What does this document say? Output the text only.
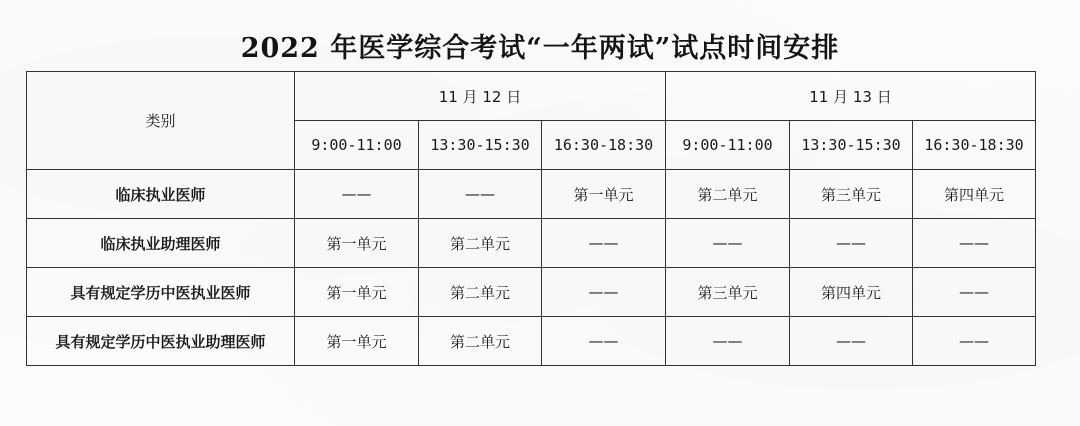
2022 年医学综合考试“一年两试”试点时间安排
类别	11 月 12 日			11 月 13 日		
	9:00-11:00	13:30-15:30	16:30-18:30	9:00-11:00	13:30-15:30	16:30-18:30
临床执业医师	——	——	第一单元	第二单元	第三单元	第四单元
临床执业助理医师	第一单元	第二单元	——	——	——	——
具有规定学历中医执业医师	第一单元	第二单元	——	第三单元	第四单元	——
具有规定学历中医执业助理医师	第一单元	第二单元	——	——	——	——
